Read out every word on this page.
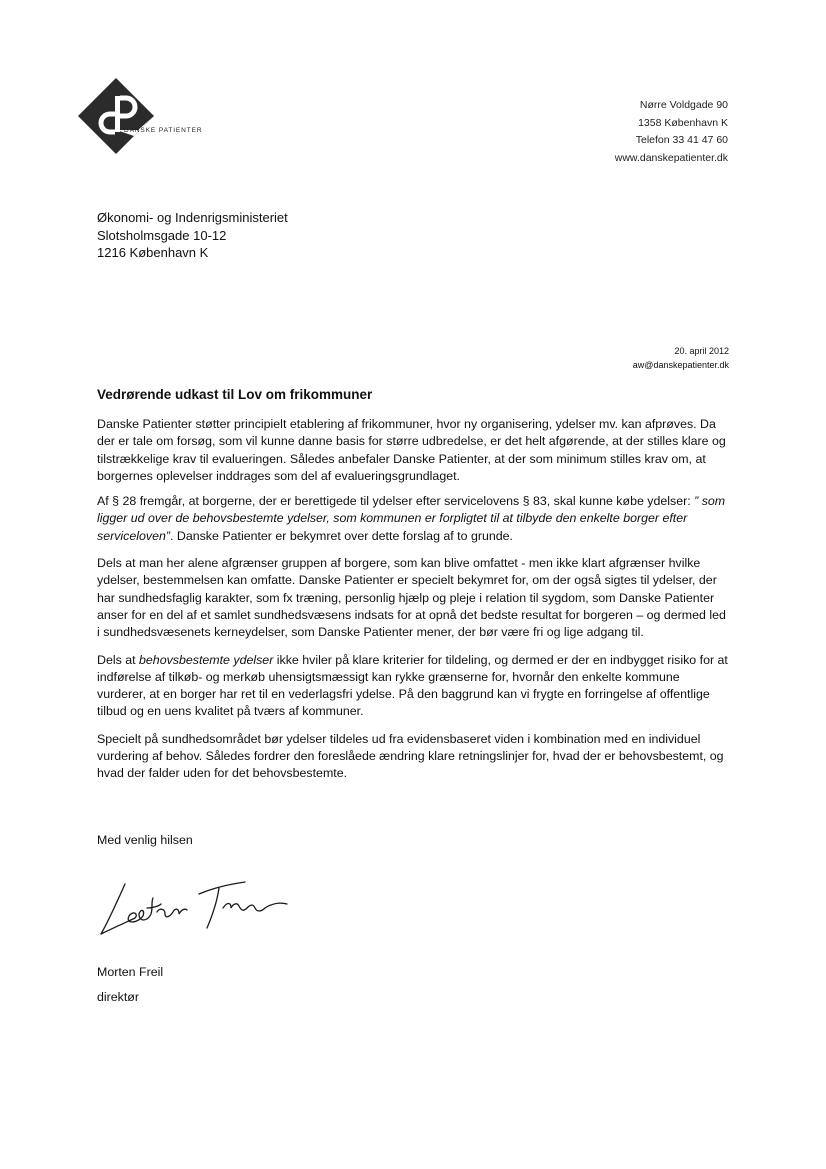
DANSKE PATIENTER
Nørre Voldgade 90
1358 København K
Telefon 33 41 47 60
www.danskepatienter.dk
Økonomi- og Indenrigsministeriet
Slotsholmsgade 10-12
1216 København K
20. april 2012
aw@danskepatienter.dk
Vedrørende udkast til Lov om frikommuner

Danske Patienter støtter principielt etablering af frikommuner, hvor ny organisering, ydelser mv. kan afprøves. Da der er tale om forsøg, som vil kunne danne basis for større udbredelse, er det helt afgørende, at der stilles klare og tilstrækkelige krav til evalueringen. Således anbefaler Danske Patienter, at der som minimum stilles krav om, at borgernes oplevelser inddrages som del af evalueringsgrundlaget.

Af § 28 fremgår, at borgerne, der er berettigede til ydelser efter servicelovens § 83, skal kunne købe ydelser: ” som ligger ud over de behovsbestemte ydelser, som kommunen er forpligtet til at tilbyde den enkelte borger efter serviceloven”. Danske Patienter er bekymret over dette forslag af to grunde.

Dels at man her alene afgrænser gruppen af borgere, som kan blive omfattet - men ikke klart afgrænser hvilke ydelser, bestemmelsen kan omfatte. Danske Patienter er specielt bekymret for, om der også sigtes til ydelser, der har sundhedsfaglig karakter, som fx træning, personlig hjælp og pleje i relation til sygdom, som Danske Patienter anser for en del af et samlet sundhedsvæsens indsats for at opnå det bedste resultat for borgeren – og dermed led i sundhedsvæsenets kerneydelser, som Danske Patienter mener, der bør være fri og lige adgang til.

Dels at behovsbestemte ydelser ikke hviler på klare kriterier for tildeling, og dermed er der en indbygget risiko for at indførelse af tilkøb- og merkøb uhensigtsmæssigt kan rykke grænserne for, hvornår den enkelte kommune vurderer, at en borger har ret til en vederlagsfri ydelse. På den baggrund kan vi frygte en forringelse af offentlige tilbud og en uens kvalitet på tværs af kommuner.

Specielt på sundhedsområdet bør ydelser tildeles ud fra evidensbaseret viden i kombination med en individuel vurdering af behov. Således fordrer den foreslåede ændring klare retningslinjer for, hvad der er behovsbestemt, og hvad der falder uden for det behovsbestemte.

Med venlig hilsen
Morten Freil
direktør
